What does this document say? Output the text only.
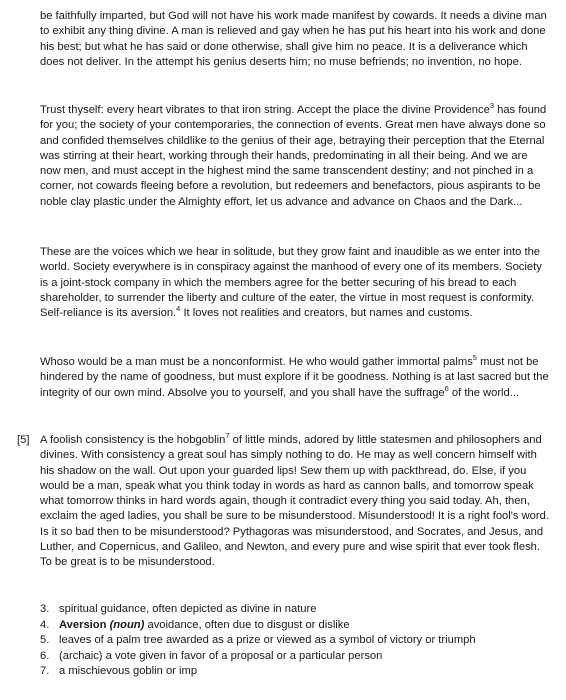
be faithfully imparted, but God will not have his work made manifest by cowards. It needs a divine man to exhibit any thing divine. A man is relieved and gay when he has put his heart into his work and done his best; but what he has said or done otherwise, shall give him no peace. It is a deliverance which does not deliver. In the attempt his genius deserts him; no muse befriends; no invention, no hope.

Trust thyself: every heart vibrates to that iron string. Accept the place the divine Providence$^3$ has found for you; the society of your contemporaries, the connection of events. Great men have always done so and confided themselves childlike to the genius of their age, betraying their perception that the Eternal was stirring at their heart, working through their hands, predominating in all their being. And we are now men, and must accept in the highest mind the same transcendent destiny; and not pinched in a corner, not cowards fleeing before a revolution, but redeemers and benefactors, pious aspirants to be noble clay plastic under the Almighty effort, let us advance and advance on Chaos and the Dark...

These are the voices which we hear in solitude, but they grow faint and inaudible as we enter into the world. Society everywhere is in conspiracy against the manhood of every one of its members. Society is a joint-stock company in which the members agree for the better securing of his bread to each shareholder, to surrender the liberty and culture of the eater, the virtue in most request is conformity. Self-reliance is its aversion.$^4$ It loves not realities and creators, but names and customs.

Whoso would be a man must be a nonconformist. He who would gather immortal palms$^5$ must not be hindered by the name of goodness, but must explore if it be goodness. Nothing is at last sacred but the integrity of our own mind. Absolve you to yourself, and you shall have the suffrage$^6$ of the world...

[5] A foolish consistency is the hobgoblin$^7$ of little minds, adored by little statesmen and philosophers and divines. With consistency a great soul has simply nothing to do. He may as well concern himself with his shadow on the wall. Out upon your guarded lips! Sew them up with packthread, do. Else, if you would be a man, speak what you think today in words as hard as cannon balls, and tomorrow speak what tomorrow thinks in hard words again, though it contradict every thing you said today. Ah, then, exclaim the aged ladies, you shall be sure to be misunderstood. Misunderstood! It is a right fool's word. Is it so bad then to be misunderstood? Pythagoras was misunderstood, and Socrates, and Jesus, and Luther, and Copernicus, and Galileo, and Newton, and every pure and wise spirit that ever took flesh. To be great is to be misunderstood.

3. spiritual guidance, often depicted as divine in nature
4. Aversion (noun) avoidance, often due to disgust or dislike
5. leaves of a palm tree awarded as a prize or viewed as a symbol of victory or triumph
6. (archaic) a vote given in favor of a proposal or a particular person
7. a mischievous goblin or imp
